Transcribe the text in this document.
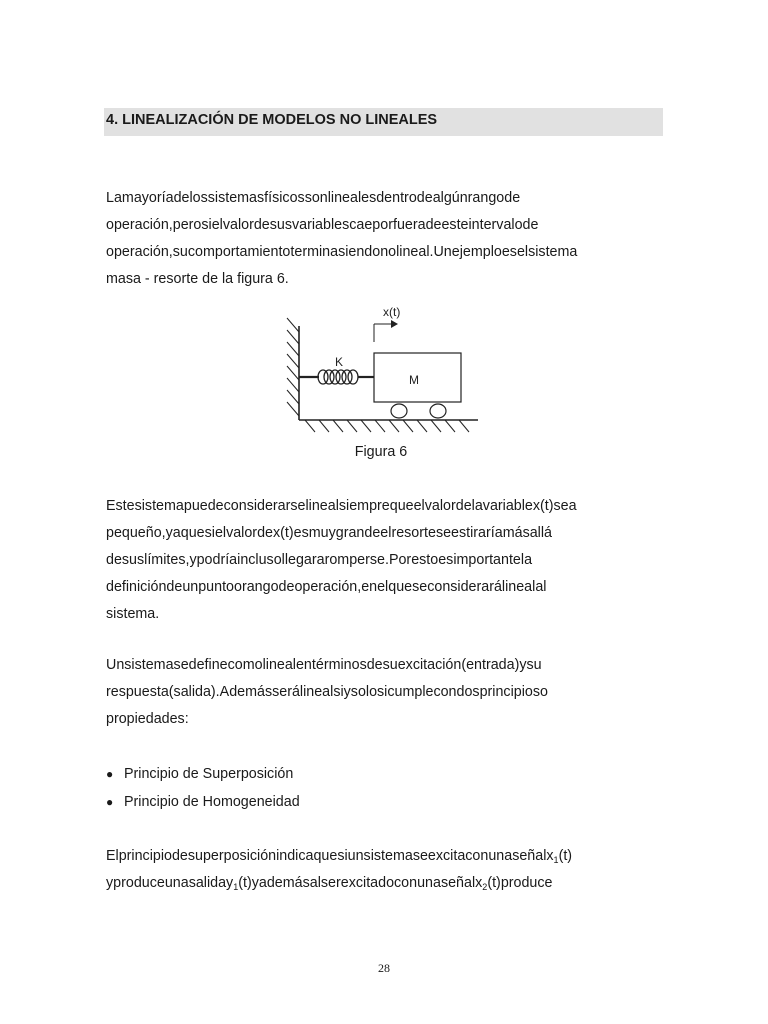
4. LINEALIZACIÓN DE MODELOS NO LINEALES
Lamayoríadelossistemasfísicossonlinealesdentrodealgúnrangode
operación,perosielvalordesusvariablescaeporfueradeesteintervalode
operación,sucomportamientoterminasiendonolineal.Unejemploeselsistema
masa - resorte de la figura 6.
x(t)
K
M
Figura 6
Estesistemapuedeconsiderarselinealsiemprequeelvalordelavariablex(t)sea
pequeño,yaquesielvalordex(t)esmuygrandeelresorteseestiraríamásallá
desuslímites,ypodríainclusollegararomperse.Porestoesimportantela
definicióndeunpuntoorangodeoperación,enelqueseconsiderarálinealal
sistema.
Unsistemasedefinecomolinealentérminosdesuexcitación(entrada)ysu
respuesta(salida).Ademásserálinealsiysolosicumplecondosprincipioso
propiedades:
● Principio de Superposición
● Principio de Homogeneidad
Elprincipiodesuperposiciónindicaquesiunsistemaseexcitaconunaseñalx$_1$(t)
yproduceunasaliday$_1$(t)yademásalserexcitadoconunaseñalx$_2$(t)produce
28
